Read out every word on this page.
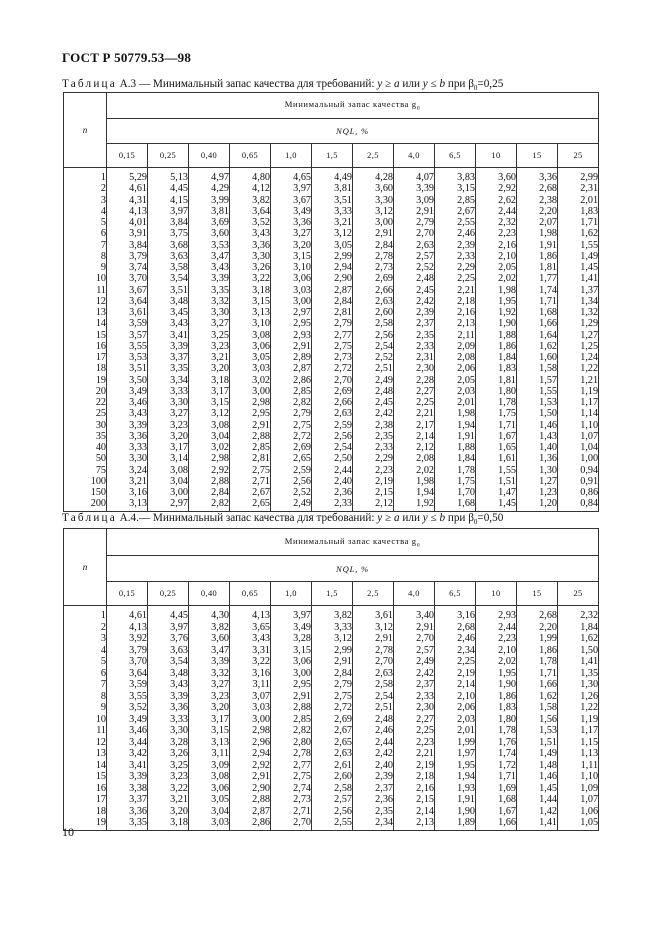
ГОСТ Р 50779.53—98
Таблица А.3 — Минимальный запас качества для требований: у ≥ а или у ≤ b при $\beta_0=0,25$
n	Минимальный запас качества $g_n$
	NQL, %											
	0,15	0,25	0,40	0,65	1,0	1,5	2,5	4,0	6,5	10	15	25
1	5,29	5,13	4,97	4,80	4,65	4,49	4,28	4,07	3,83	3,60	3,36	2,99
2	4,61	4,45	4,29	4,12	3,97	3,81	3,60	3,39	3,15	2,92	2,68	2,31
3	4,31	4,15	3,99	3,82	3,67	3,51	3,30	3,09	2,85	2,62	2,38	2,01
4	4,13	3,97	3,81	3,64	3,49	3,33	3,12	2,91	2,67	2,44	2,20	1,83
5	4,01	3,84	3,69	3,52	3,36	3,21	3,00	2,79	2,55	2,32	2,07	1,71
6	3,91	3,75	3,60	3,43	3,27	3,12	2,91	2,70	2,46	2,23	1,98	1,62
7	3,84	3,68	3,53	3,36	3,20	3,05	2,84	2,63	2,39	2,16	1,91	1,55
8	3,79	3,63	3,47	3,30	3,15	2,99	2,78	2,57	2,33	2,10	1,86	1,49
9	3,74	3,58	3,43	3,26	3,10	2,94	2,73	2,52	2,29	2,05	1,81	1,45
10	3,70	3,54	3,39	3,22	3,06	2,90	2,69	2,48	2,25	2,02	1,77	1,41
11	3,67	3,51	3,35	3,18	3,03	2,87	2,66	2,45	2,21	1,98	1,74	1,37
12	3,64	3,48	3,32	3,15	3,00	2,84	2,63	2,42	2,18	1,95	1,71	1,34
13	3,61	3,45	3,30	3,13	2,97	2,81	2,60	2,39	2,16	1,92	1,68	1,32
14	3,59	3,43	3,27	3,10	2,95	2,79	2,58	2,37	2,13	1,90	1,66	1,29
15	3,57	3,41	3,25	3,08	2,93	2,77	2,56	2,35	2,11	1,88	1,64	1,27
16	3,55	3,39	3,23	3,06	2,91	2,75	2,54	2,33	2,09	1,86	1,62	1,25
17	3,53	3,37	3,21	3,05	2,89	2,73	2,52	2,31	2,08	1,84	1,60	1,24
18	3,51	3,35	3,20	3,03	2,87	2,72	2,51	2,30	2,06	1,83	1,58	1,22
19	3,50	3,34	3,18	3,02	2,86	2,70	2,49	2,28	2,05	1,81	1,57	1,21
20	3,49	3,33	3,17	3,00	2,85	2,69	2,48	2,27	2,03	1,80	1,55	1,19
22	3,46	3,30	3,15	2,98	2,82	2,66	2,45	2,25	2,01	1,78	1,53	1,17
25	3,43	3,27	3,12	2,95	2,79	2,63	2,42	2,21	1,98	1,75	1,50	1,14
30	3,39	3,23	3,08	2,91	2,75	2,59	2,38	2,17	1,94	1,71	1,46	1,10
35	3,36	3,20	3,04	2,88	2,72	2,56	2,35	2,14	1,91	1,67	1,43	1,07
40	3,33	3,17	3,02	2,85	2,69	2,54	2,33	2,12	1,88	1,65	1,40	1,04
50	3,30	3,14	2,98	2,81	2,65	2,50	2,29	2,08	1,84	1,61	1,36	1,00
75	3,24	3,08	2,92	2,75	2,59	2,44	2,23	2,02	1,78	1,55	1,30	0,94
100	3,21	3,04	2,88	2,71	2,56	2,40	2,19	1,98	1,75	1,51	1,27	0,91
150	3,16	3,00	2,84	2,67	2,52	2,36	2,15	1,94	1,70	1,47	1,23	0,86
200	3,13	2,97	2,82	2,65	2,49	2,33	2,12	1,92	1,68	1,45	1,20	0,84
Таблица А.4.— Минимальный запас качества для требований: у ≥ а или у ≤ b при $\beta_0=0,50$
n	Минимальный запас качества $g_n$
	NQL, %											
	0,15	0,25	0,40	0,65	1,0	1,5	2,5	4,0	6,5	10	15	25
1	4,61	4,45	4,30	4,13	3,97	3,82	3,61	3,40	3,16	2,93	2,68	2,32
2	4,13	3,97	3,82	3,65	3,49	3,33	3,12	2,91	2,68	2,44	2,20	1,84
3	3,92	3,76	3,60	3,43	3,28	3,12	2,91	2,70	2,46	2,23	1,99	1,62
4	3,79	3,63	3,47	3,31	3,15	2,99	2,78	2,57	2,34	2,10	1,86	1,50
5	3,70	3,54	3,39	3,22	3,06	2,91	2,70	2,49	2,25	2,02	1,78	1,41
6	3,64	3,48	3,32	3,16	3,00	2,84	2,63	2,42	2,19	1,95	1,71	1,35
7	3,59	3,43	3,27	3,11	2,95	2,79	2,58	2,37	2,14	1,90	1,66	1,30
8	3,55	3,39	3,23	3,07	2,91	2,75	2,54	2,33	2,10	1,86	1,62	1,26
9	3,52	3,36	3,20	3,03	2,88	2,72	2,51	2,30	2,06	1,83	1,58	1,22
10	3,49	3,33	3,17	3,00	2,85	2,69	2,48	2,27	2,03	1,80	1,56	1,19
11	3,46	3,30	3,15	2,98	2,82	2,67	2,46	2,25	2,01	1,78	1,53	1,17
12	3,44	3,28	3,13	2,96	2,80	2,65	2,44	2,23	1,99	1,76	1,51	1,15
13	3,42	3,26	3,11	2,94	2,78	2,63	2,42	2,21	1,97	1,74	1,49	1,13
14	3,41	3,25	3,09	2,92	2,77	2,61	2,40	2,19	1,95	1,72	1,48	1,11
15	3,39	3,23	3,08	2,91	2,75	2,60	2,39	2,18	1,94	1,71	1,46	1,10
16	3,38	3,22	3,06	2,90	2,74	2,58	2,37	2,16	1,93	1,69	1,45	1,09
17	3,37	3,21	3,05	2,88	2,73	2,57	2,36	2,15	1,91	1,68	1,44	1,07
18	3,36	3,20	3,04	2,87	2,71	2,56	2,35	2,14	1,90	1,67	1,42	1,06
19	3,35	3,18	3,03	2,86	2,70	2,55	2,34	2,13	1,89	1,66	1,41	1,05
10
